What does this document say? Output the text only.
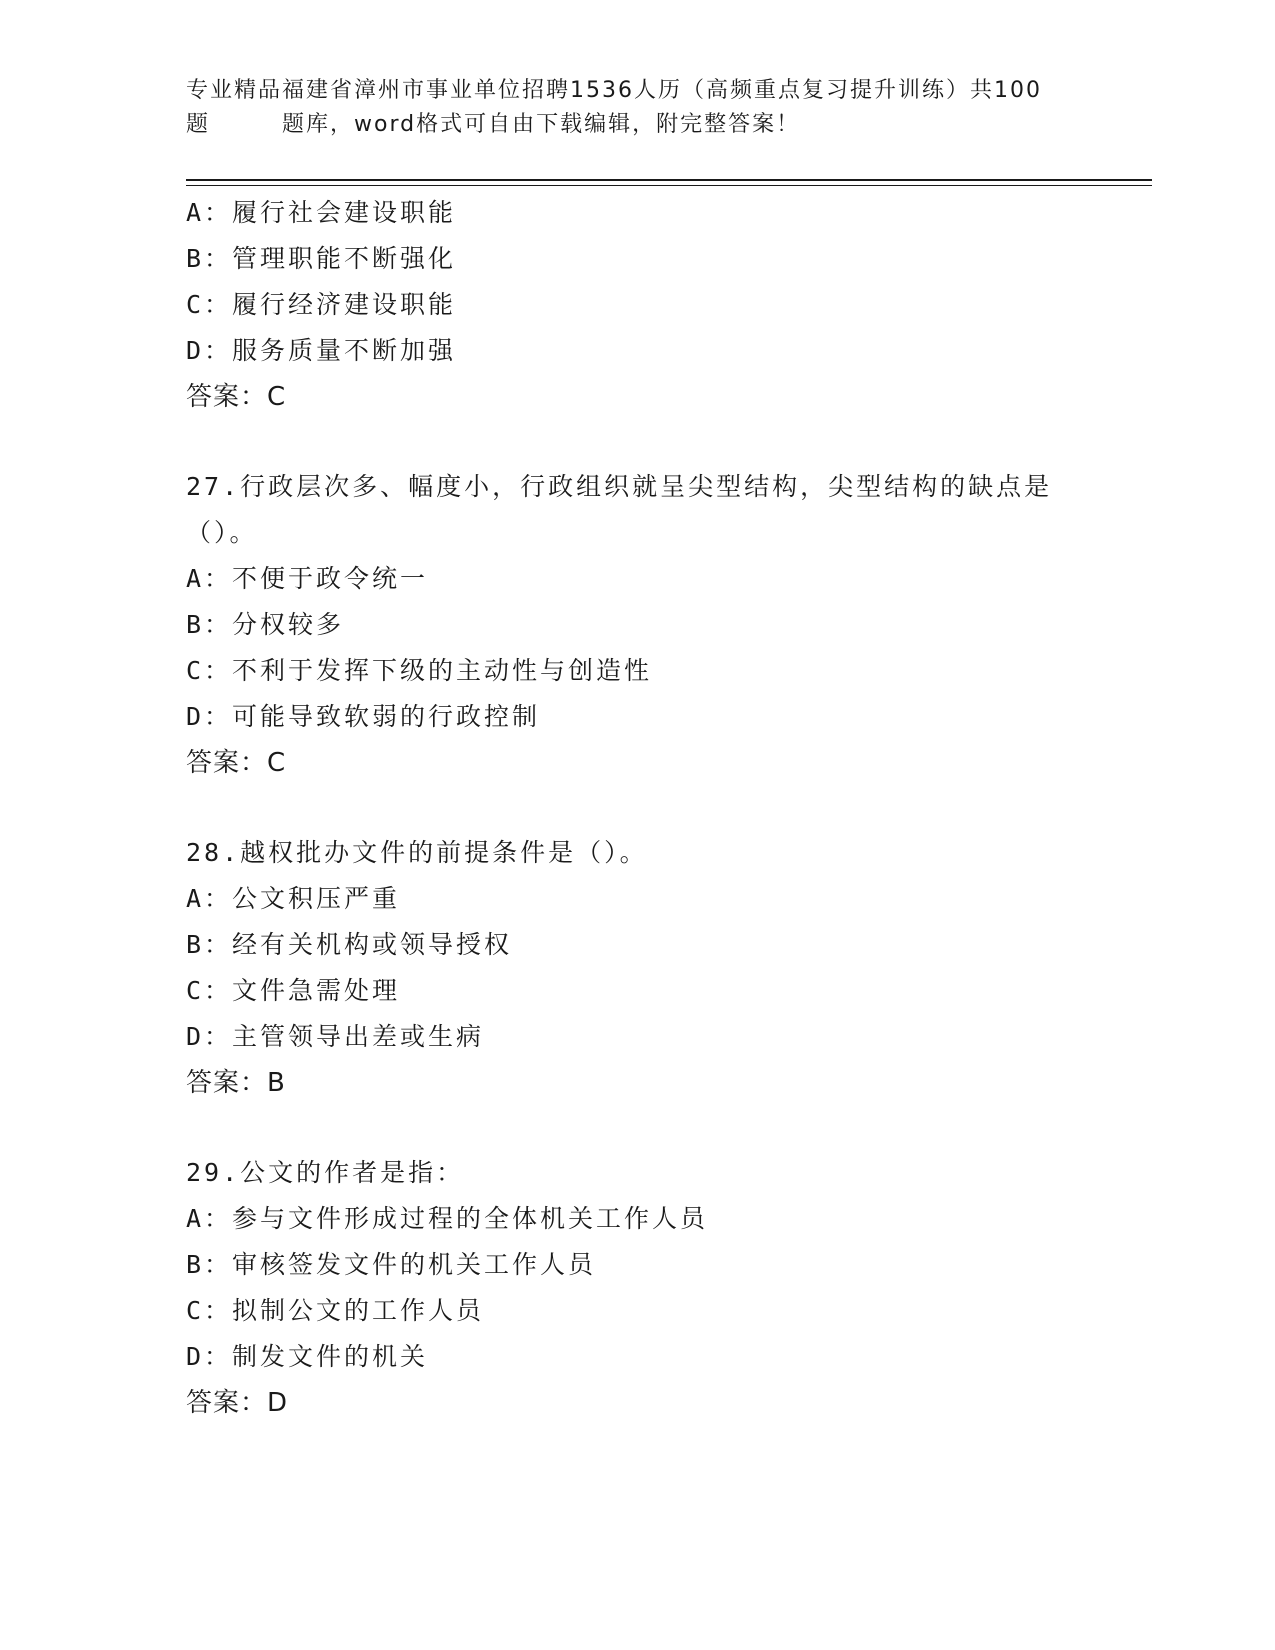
专业精品福建省漳州市事业单位招聘1536人历（高频重点复习提升训练）共100
题	题库，word格式可自由下载编辑，附完整答案！
A：履行社会建设职能
B：管理职能不断强化
C：履行经济建设职能
D：服务质量不断加强
答案：C
27.行政层次多、幅度小，行政组织就呈尖型结构，尖型结构的缺点是
（）。
A：不便于政令统一
B：分权较多
C：不利于发挥下级的主动性与创造性
D：可能导致软弱的行政控制
答案：C
28.越权批办文件的前提条件是（）。
A：公文积压严重
B：经有关机构或领导授权
C：文件急需处理
D：主管领导出差或生病
答案：B
29.公文的作者是指：
A：参与文件形成过程的全体机关工作人员
B：审核签发文件的机关工作人员
C：拟制公文的工作人员
D：制发文件的机关
答案：D
